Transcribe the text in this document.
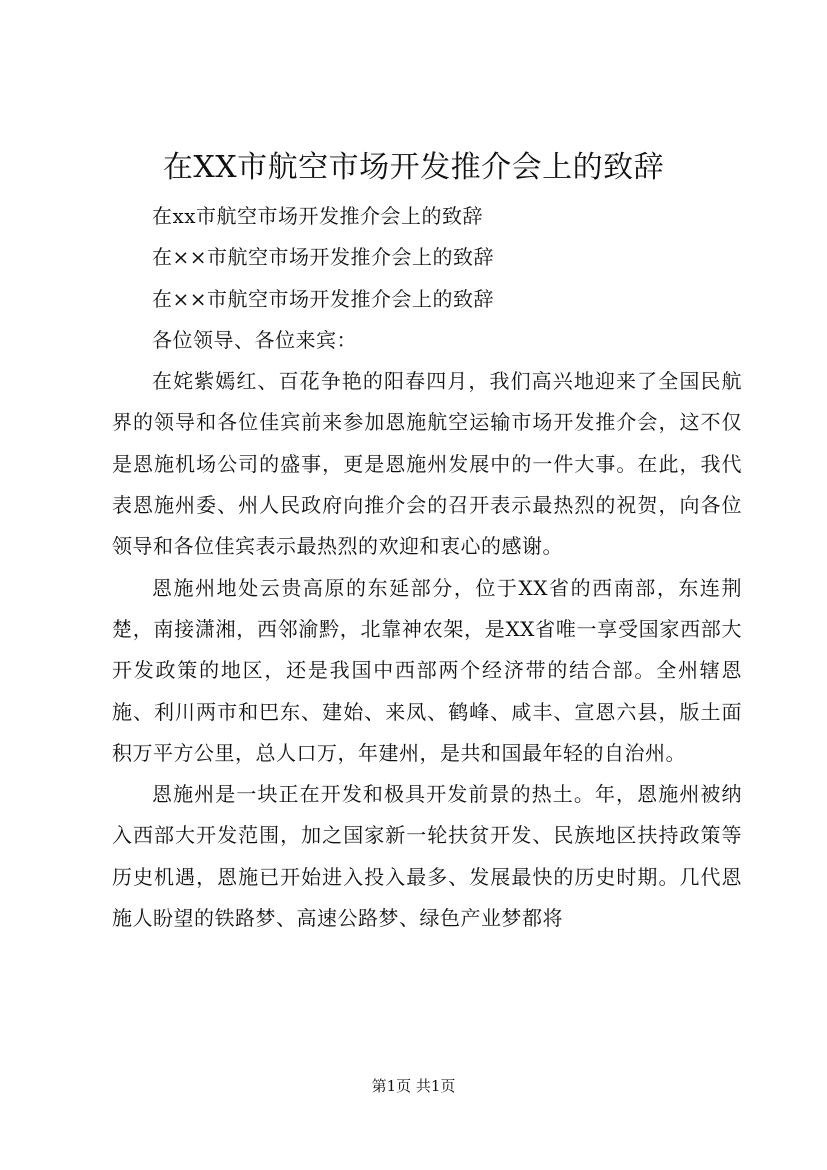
在XX市航空市场开发推介会上的致辞

在xx市航空市场开发推介会上的致辞

在××市航空市场开发推介会上的致辞

在××市航空市场开发推介会上的致辞

各位领导、各位来宾：

在姹紫嫣红、百花争艳的阳春四月，我们高兴地迎来了全国民航界的领导和各位佳宾前来参加恩施航空运输市场开发推介会，这不仅是恩施机场公司的盛事，更是恩施州发展中的一件大事。在此，我代表恩施州委、州人民政府向推介会的召开表示最热烈的祝贺，向各位领导和各位佳宾表示最热烈的欢迎和衷心的感谢。

恩施州地处云贵高原的东延部分，位于XX省的西南部，东连荆楚，南接潇湘，西邻渝黔，北靠神农架，是XX省唯一享受国家西部大开发政策的地区，还是我国中西部两个经济带的结合部。全州辖恩施、利川两市和巴东、建始、来凤、鹤峰、咸丰、宣恩六县，版土面积万平方公里，总人口万，年建州，是共和国最年轻的自治州。

恩施州是一块正在开发和极具开发前景的热土。年，恩施州被纳入西部大开发范围，加之国家新一轮扶贫开发、民族地区扶持政策等历史机遇，恩施已开始进入投入最多、发展最快的历史时期。几代恩施人盼望的铁路梦、高速公路梦、绿色产业梦都将

第1页 共1页
